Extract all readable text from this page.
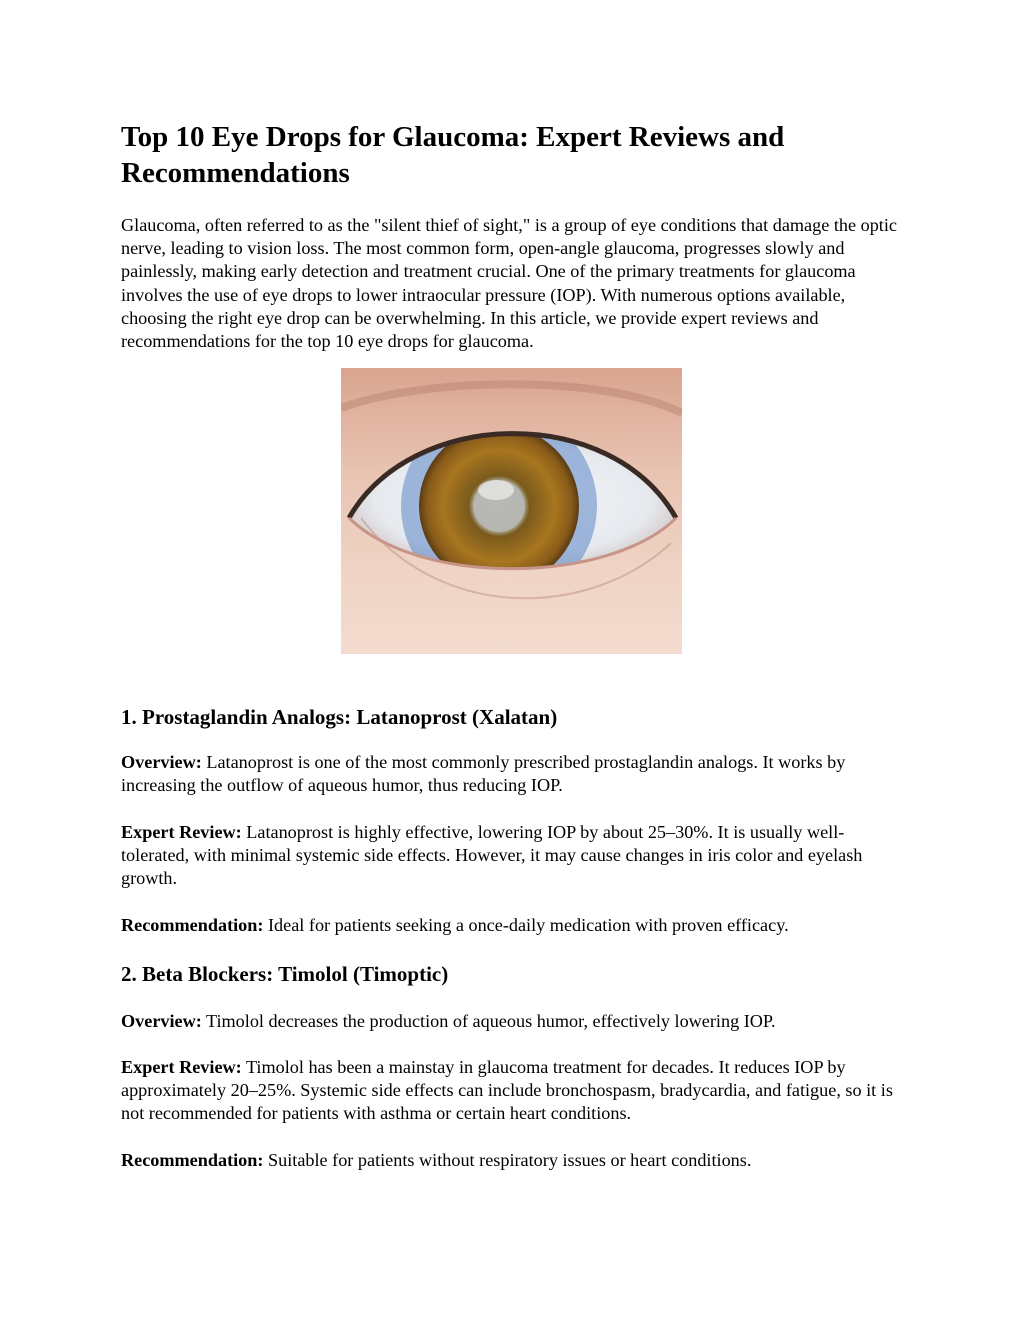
Top 10 Eye Drops for Glaucoma: Expert Reviews and Recommendations

Glaucoma, often referred to as the "silent thief of sight," is a group of eye conditions that damage the optic nerve, leading to vision loss. The most common form, open-angle glaucoma, progresses slowly and painlessly, making early detection and treatment crucial. One of the primary treatments for glaucoma involves the use of eye drops to lower intraocular pressure (IOP). With numerous options available, choosing the right eye drop can be overwhelming. In this article, we provide expert reviews and recommendations for the top 10 eye drops for glaucoma.

1. Prostaglandin Analogs: Latanoprost (Xalatan)

Overview: Latanoprost is one of the most commonly prescribed prostaglandin analogs. It works by increasing the outflow of aqueous humor, thus reducing IOP.

Expert Review: Latanoprost is highly effective, lowering IOP by about 25–30%. It is usually well-tolerated, with minimal systemic side effects. However, it may cause changes in iris color and eyelash growth.

Recommendation: Ideal for patients seeking a once-daily medication with proven efficacy.

2. Beta Blockers: Timolol (Timoptic)

Overview: Timolol decreases the production of aqueous humor, effectively lowering IOP.

Expert Review: Timolol has been a mainstay in glaucoma treatment for decades. It reduces IOP by approximately 20–25%. Systemic side effects can include bronchospasm, bradycardia, and fatigue, so it is not recommended for patients with asthma or certain heart conditions.

Recommendation: Suitable for patients without respiratory issues or heart conditions.
